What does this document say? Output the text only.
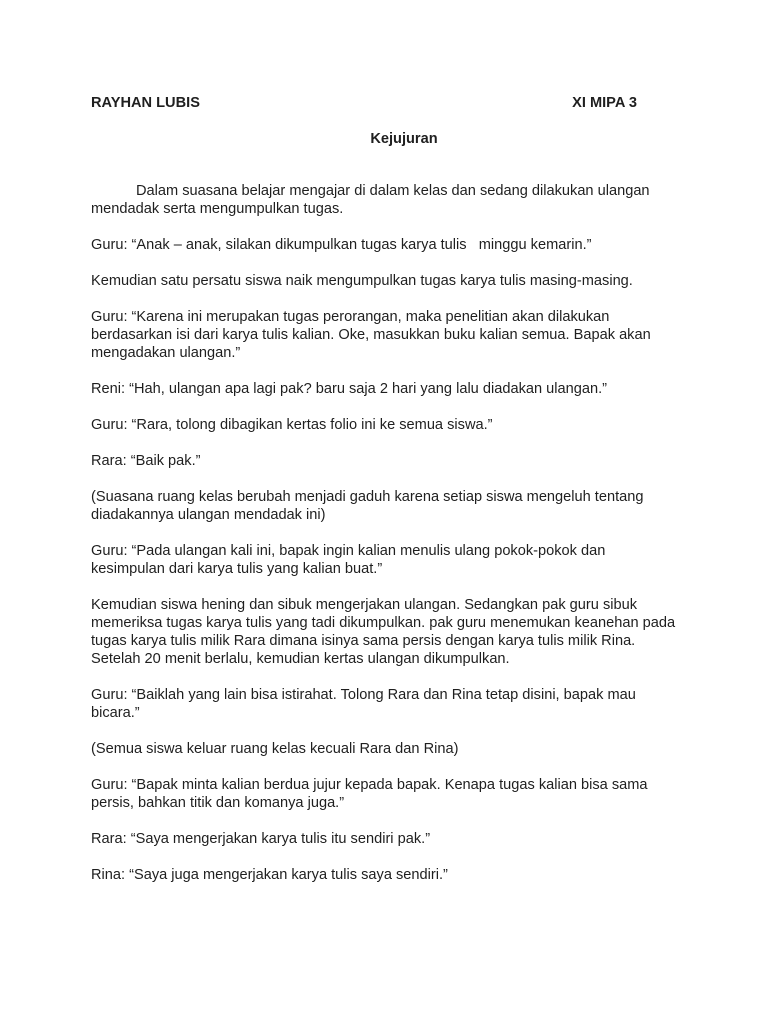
RAYHAN LUBIS	XI MIPA 3
Kejujuran

Dalam suasana belajar mengajar di dalam kelas dan sedang dilakukan ulangan mendadak serta mengumpulkan tugas.

Guru: “Anak – anak, silakan dikumpulkan tugas karya tulis   minggu kemarin.”

Kemudian satu persatu siswa naik mengumpulkan tugas karya tulis masing-masing.

Guru: “Karena ini merupakan tugas perorangan, maka penelitian akan dilakukan berdasarkan isi dari karya tulis kalian. Oke, masukkan buku kalian semua. Bapak akan mengadakan ulangan.”

Reni: “Hah, ulangan apa lagi pak? baru saja 2 hari yang lalu diadakan ulangan.”

Guru: “Rara, tolong dibagikan kertas folio ini ke semua siswa.”

Rara: “Baik pak.”

(Suasana ruang kelas berubah menjadi gaduh karena setiap siswa mengeluh tentang diadakannya ulangan mendadak ini)

Guru: “Pada ulangan kali ini, bapak ingin kalian menulis ulang pokok-pokok dan kesimpulan dari karya tulis yang kalian buat.”

Kemudian siswa hening dan sibuk mengerjakan ulangan. Sedangkan pak guru sibuk memeriksa tugas karya tulis yang tadi dikumpulkan. pak guru menemukan keanehan pada tugas karya tulis milik Rara dimana isinya sama persis dengan karya tulis milik Rina. Setelah 20 menit berlalu, kemudian kertas ulangan dikumpulkan.

Guru: “Baiklah yang lain bisa istirahat. Tolong Rara dan Rina tetap disini, bapak mau bicara.”

(Semua siswa keluar ruang kelas kecuali Rara dan Rina)

Guru: “Bapak minta kalian berdua jujur kepada bapak. Kenapa tugas kalian bisa sama persis, bahkan titik dan komanya juga.”

Rara: “Saya mengerjakan karya tulis itu sendiri pak.”

Rina: “Saya juga mengerjakan karya tulis saya sendiri.”
